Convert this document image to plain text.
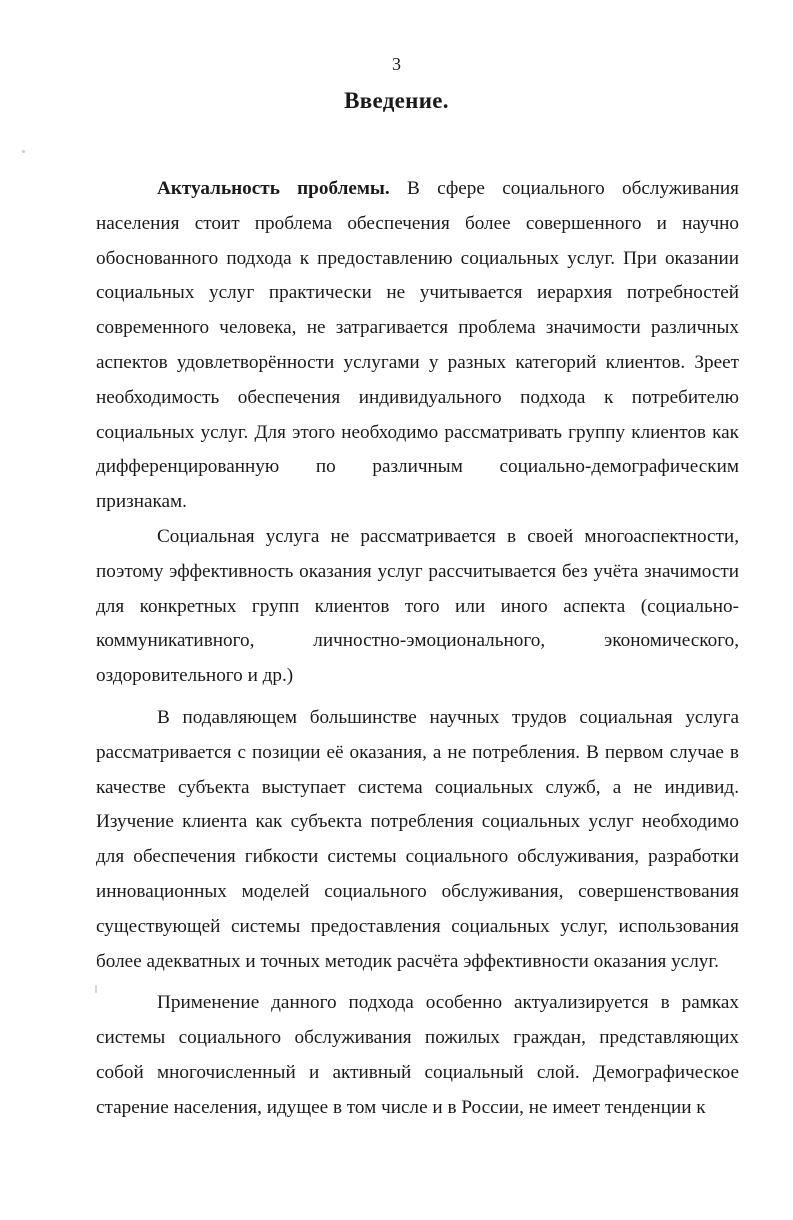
3
Введение.

Актуальность проблемы. В сфере социального обслуживания населения стоит проблема обеспечения более совершенного и научно обоснованного подхода к предоставлению социальных услуг. При оказании социальных услуг практически не учитывается иерархия потребностей современного человека, не затрагивается проблема значимости различных аспектов удовлетворённости услугами у разных категорий клиентов. Зреет необходимость обеспечения индивидуального подхода к потребителю социальных услуг. Для этого необходимо рассматривать группу клиентов как дифференцированную по различным социально-демографическим признакам.

Социальная услуга не рассматривается в своей многоаспектности, поэтому эффективность оказания услуг рассчитывается без учёта значимости для конкретных групп клиентов того или иного аспекта (социально-коммуникативного, личностно-эмоционального, экономического, оздоровительного и др.)

В подавляющем большинстве научных трудов социальная услуга рассматривается с позиции её оказания, а не потребления. В первом случае в качестве субъекта выступает система социальных служб, а не индивид. Изучение клиента как субъекта потребления социальных услуг необходимо для обеспечения гибкости системы социального обслуживания, разработки инновационных моделей социального обслуживания, совершенствования существующей системы предоставления социальных услуг, использования более адекватных и точных методик расчёта эффективности оказания услуг.

Применение данного подхода особенно актуализируется в рамках системы социального обслуживания пожилых граждан, представляющих собой многочисленный и активный социальный слой. Демографическое старение населения, идущее в том числе и в России, не имеет тенденции к
